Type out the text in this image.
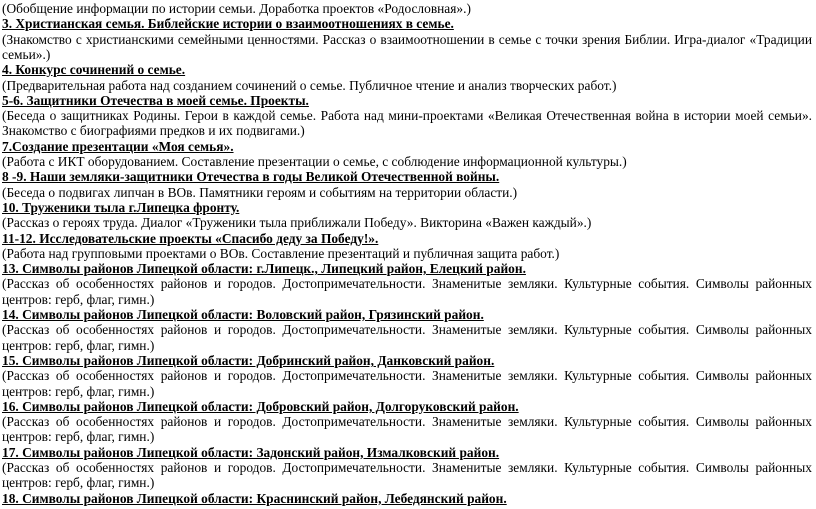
(Обобщение информации по истории семьи. Доработка проектов «Родословная».)
3. Христианская семья. Библейские истории о взаимоотношениях в семье.
(Знакомство с христианскими семейными ценностями. Рассказ о взаимоотношении в семье с точки зрения Библии. Игра-диалог «Традиции
семьи».)
4. Конкурс сочинений о семье.
(Предварительная работа над созданием сочинений о семье. Публичное чтение и анализ творческих работ.)
5-6. Защитники Отечества в моей семье. Проекты.
(Беседа о защитниках Родины. Герои в каждой семье. Работа над мини-проектами «Великая Отечественная война в истории моей семьи».
Знакомство с биографиями предков и их подвигами.)
7.Создание презентации «Моя семья».
(Работа с ИКТ оборудованием. Составление презентации о семье, с соблюдение информационной культуры.)
8 -9. Наши земляки-защитники Отечества в годы Великой Отечественной войны.
(Беседа о подвигах липчан в ВОв. Памятники героям и событиям на территории области.)
10. Труженики тыла г.Липецка фронту.
(Рассказ о героях труда. Диалог «Труженики тыла приближали Победу». Викторина «Важен каждый».)
11-12. Исследовательские проекты «Спасибо деду за Победу!».
(Работа над групповыми проектами о ВОв. Составление презентаций и публичная защита работ.)
13. Символы районов Липецкой области: г.Липецк., Липецкий район, Елецкий район.
(Рассказ об особенностях районов и городов. Достопримечательности. Знаменитые земляки. Культурные события. Символы районных
центров: герб, флаг, гимн.)
14. Символы районов Липецкой области: Воловский район, Грязинский район.
(Рассказ об особенностях районов и городов. Достопримечательности. Знаменитые земляки. Культурные события. Символы районных
центров: герб, флаг, гимн.)
15. Символы районов Липецкой области: Добринский район, Данковский район.
(Рассказ об особенностях районов и городов. Достопримечательности. Знаменитые земляки. Культурные события. Символы районных
центров: герб, флаг, гимн.)
16. Символы районов Липецкой области: Добровский район, Долгоруковский район.
(Рассказ об особенностях районов и городов. Достопримечательности. Знаменитые земляки. Культурные события. Символы районных
центров: герб, флаг, гимн.)
17. Символы районов Липецкой области: Задонский район, Измалковский район.
(Рассказ об особенностях районов и городов. Достопримечательности. Знаменитые земляки. Культурные события. Символы районных
центров: герб, флаг, гимн.)
18. Символы районов Липецкой области: Краснинский район, Лебедянский район.
